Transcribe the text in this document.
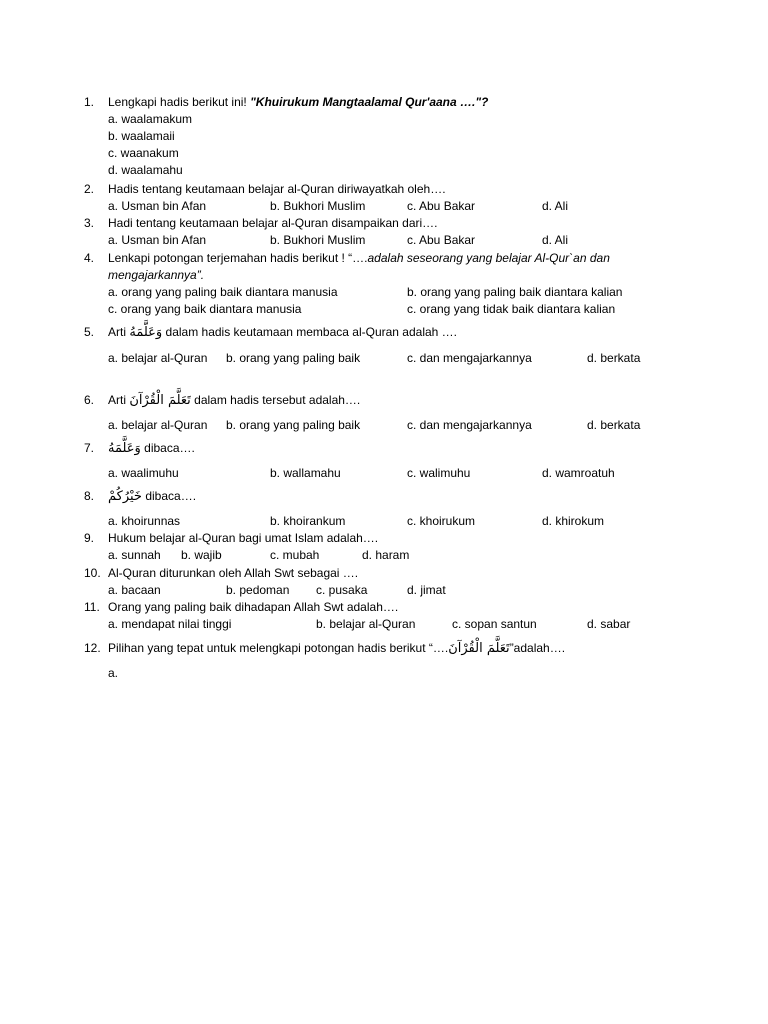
1.	Lengkapi hadis berikut ini! "Khuirukum Mangtaalamal Qur'aana …."?
a. waalamakum
b. waalamaii
c. waanakum
d. waalamahu
2.	Hadis tentang keutamaan belajar al-Quran diriwayatkah oleh….
a. Usman bin Afan	b. Bukhori Muslim	c. Abu Bakar	d. Ali
3.	Hadi tentang keutamaan belajar al-Quran disampaikan dari….
a. Usman bin Afan	b. Bukhori Muslim	c. Abu Bakar	d. Ali
4.	Lenkapi potongan terjemahan hadis berikut ! “….adalah seseorang yang belajar Al-Qur`an dan mengajarkannya”.
a. orang yang paling baik diantara manusia	b. orang yang paling baik diantara kalian
c. orang yang baik diantara manusia	c. orang yang tidak baik diantara kalian
5.	Arti وَعَلَّمَهُ dalam hadis keutamaan membaca al-Quran adalah ….
a. belajar al-Quran b. orang yang paling baik	c. dan mengajarkannya	d. berkata
6.	Arti تَعَلَّمَ الْقُرْآنَ dalam hadis tersebut adalah….
a. belajar al-Quran b. orang yang paling baik	c. dan mengajarkannya	d. berkata
7.	وَعَلَّمَهُ dibaca….
a. waalimuhu	b. wallamahu	c. walimuhu	d. wamroatuh
8.	خَيْرُكُمْ dibaca….
a. khoirunnas	b. khoirankum	c. khoirukum	d. khirokum
9.	Hukum belajar al-Quran bagi umat Islam adalah….
a. sunnah b. wajib	c. mubah	d. haram
10. Al-Quran diturunkan oleh Allah Swt sebagai ….
a. bacaan	b. pedoman c. pusaka	d. jimat
11. Orang yang paling baik dihadapan Allah Swt adalah….
a. mendapat nilai tinggi	b. belajar al-Quran	c. sopan santun	d. sabar
12. Pilihan yang tepat untuk melengkapi potongan hadis berikut “….تَعَلَّمَ الْقُرْآنَ”adalah….
a.
